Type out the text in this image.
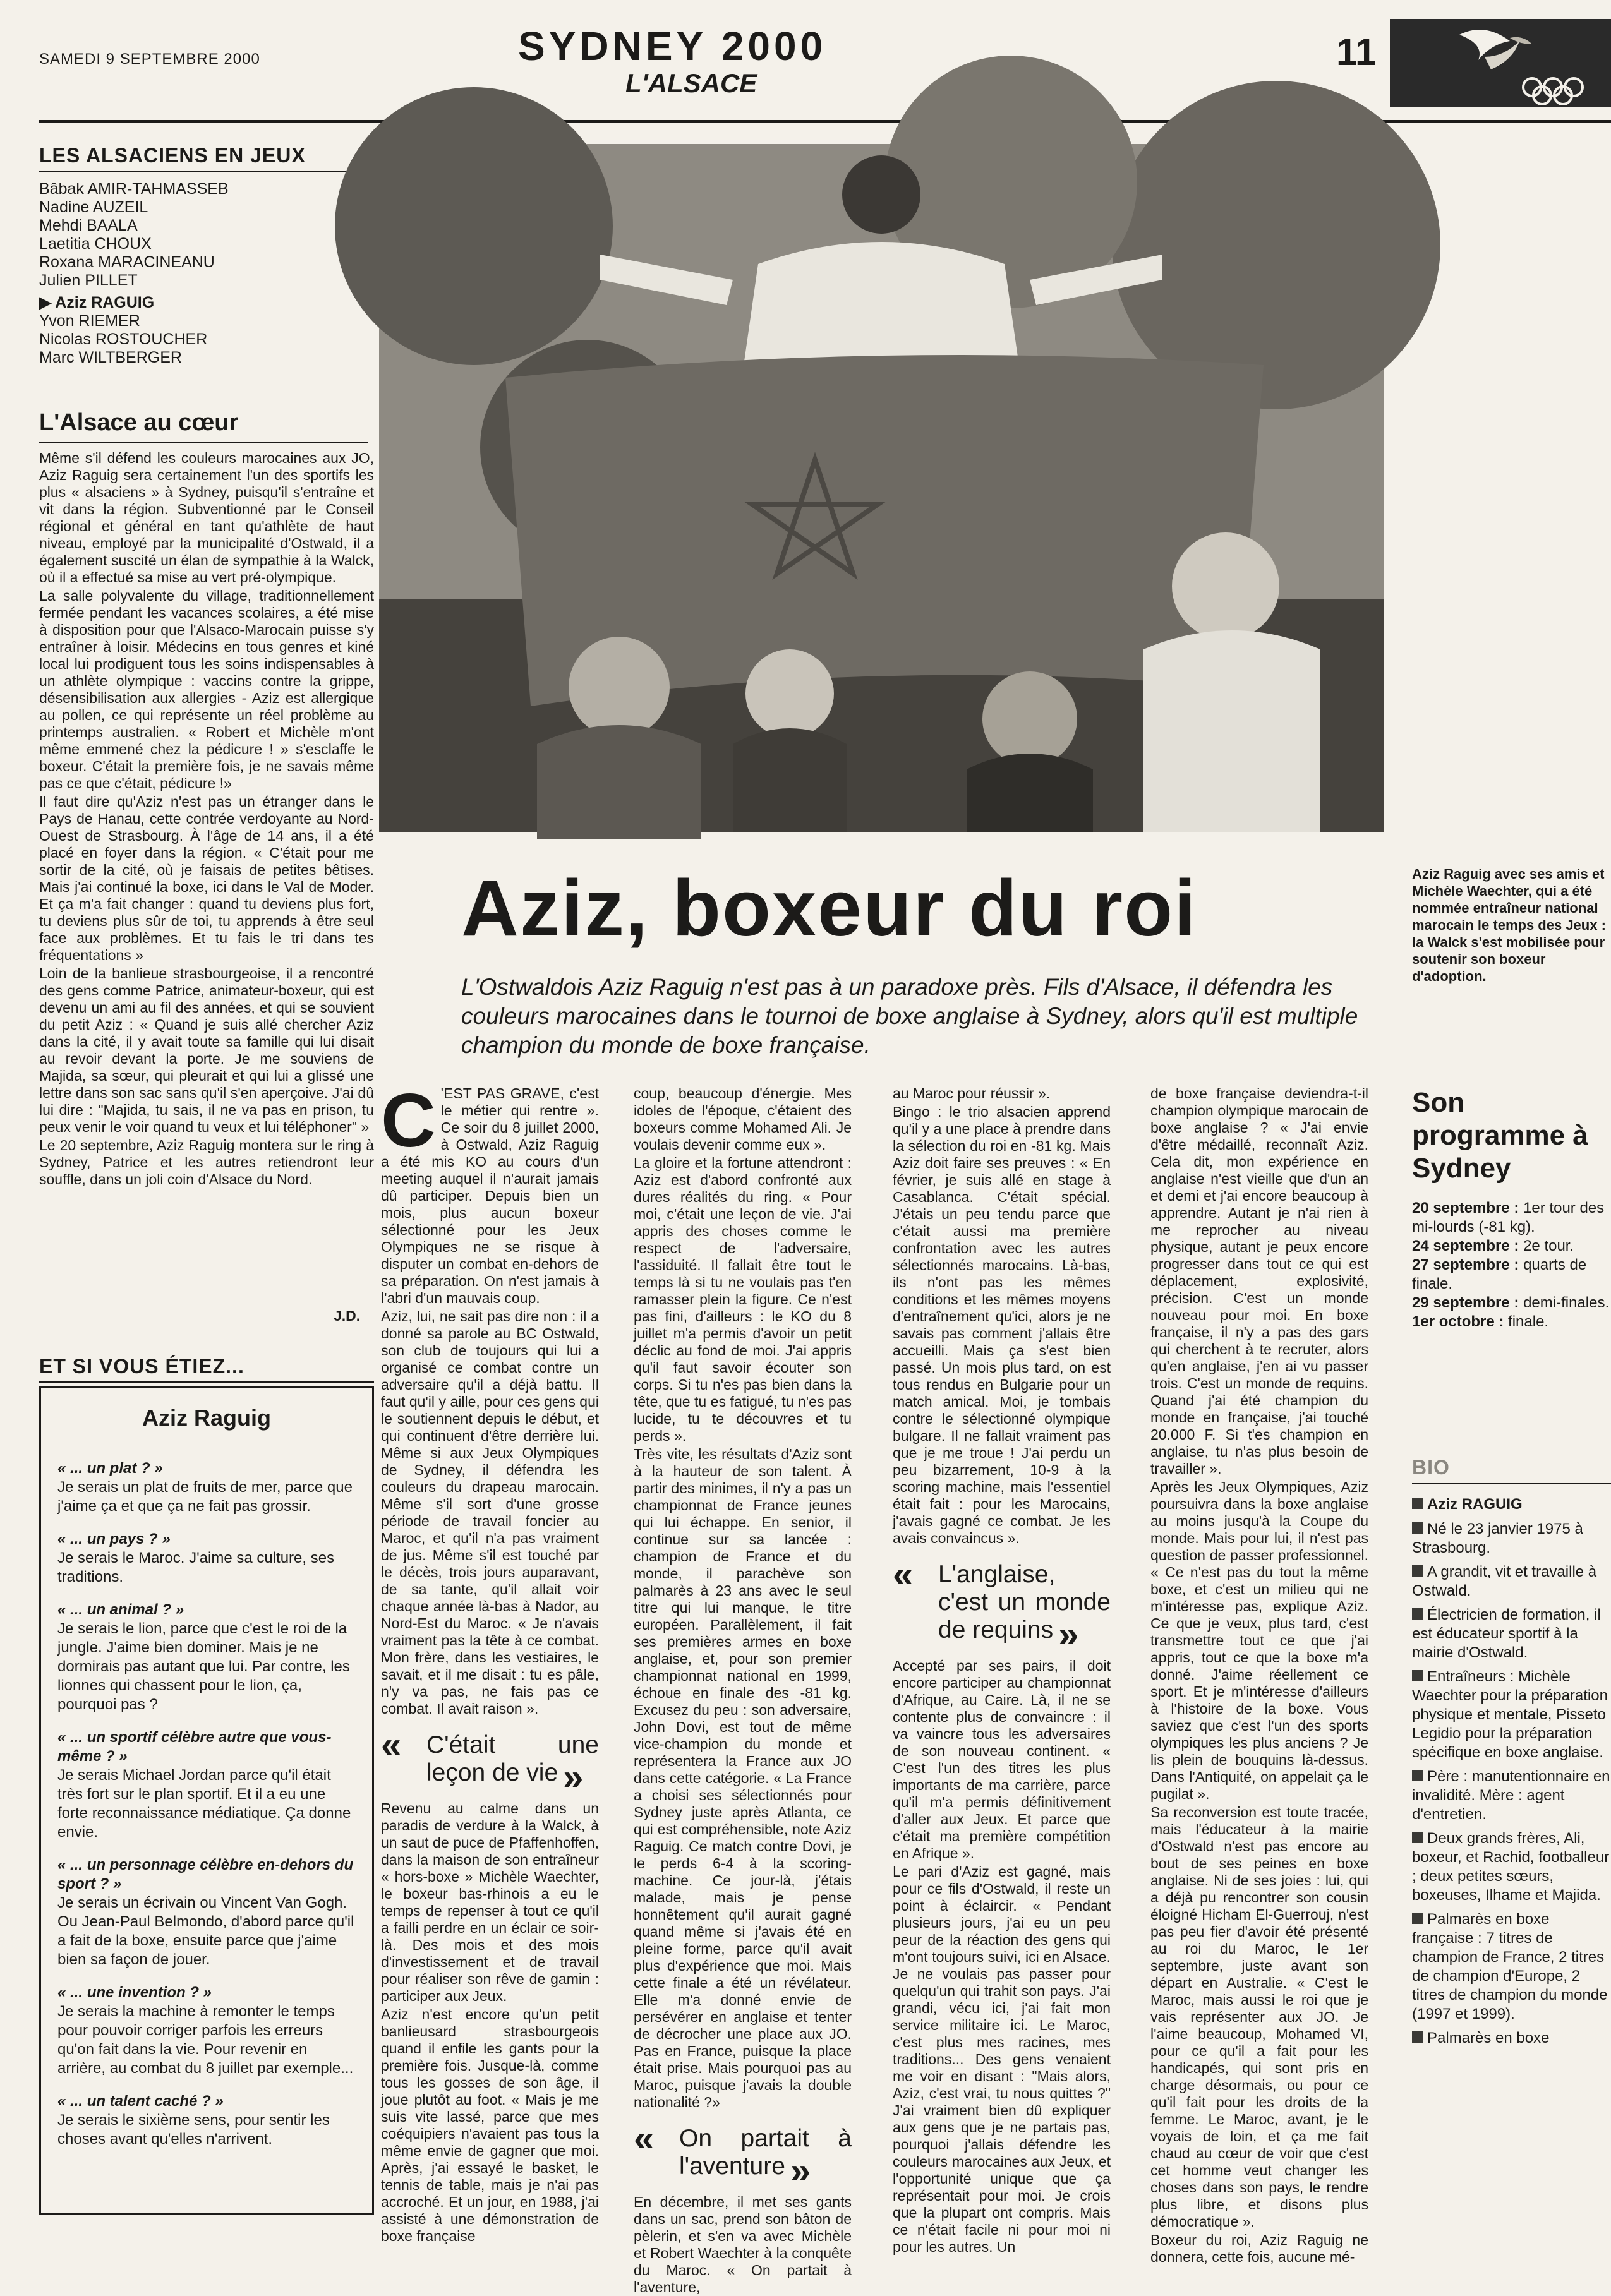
SAMEDI 9 SEPTEMBRE 2000	SYDNEY 2000
L'ALSACE
11
LES ALSACIENS EN JEUX
Bâbak AMIR-TAHMASSEB
Nadine AUZEIL
Mehdi BAALA
Laetitia CHOUX
Roxana MARACINEANU
Julien PILLET
▶ Aziz RAGUIG
Yvon RIEMER
Nicolas ROSTOUCHER
Marc WILTBERGER
L'Alsace au cœur

Même s'il défend les couleurs marocaines aux JO, Aziz Raguig sera certainement l'un des sportifs les plus « alsaciens » à Sydney, puisqu'il s'entraîne et vit dans la région. Subventionné par le Conseil régional et général en tant qu'athlète de haut niveau, employé par la municipalité d'Ostwald, il a également suscité un élan de sympathie à la Walck, où il a effectué sa mise au vert pré-olympique.

La salle polyvalente du village, traditionnellement fermée pendant les vacances scolaires, a été mise à disposition pour que l'Alsaco-Marocain puisse s'y entraîner à loisir. Médecins en tous genres et kiné local lui prodiguent tous les soins indispensables à un athlète olympique : vaccins contre la grippe, désensibilisation aux allergies - Aziz est allergique au pollen, ce qui représente un réel problème au printemps australien. « Robert et Michèle m'ont même emmené chez la pédicure ! » s'esclaffe le boxeur. C'était la première fois, je ne savais même pas ce que c'était, pédicure !»

Il faut dire qu'Aziz n'est pas un étranger dans le Pays de Hanau, cette contrée verdoyante au Nord-Ouest de Strasbourg. À l'âge de 14 ans, il a été placé en foyer dans la région. « C'était pour me sortir de la cité, où je faisais de petites bêtises. Mais j'ai continué la boxe, ici dans le Val de Moder. Et ça m'a fait changer : quand tu deviens plus fort, tu deviens plus sûr de toi, tu apprends à être seul face aux problèmes. Et tu fais le tri dans tes fréquentations »

Loin de la banlieue strasbourgeoise, il a rencontré des gens comme Patrice, animateur-boxeur, qui est devenu un ami au fil des années, et qui se souvient du petit Aziz : « Quand je suis allé chercher Aziz dans la cité, il y avait toute sa famille qui lui disait au revoir devant la porte. Je me souviens de Majida, sa sœur, qui pleurait et qui lui a glissé une lettre dans son sac sans qu'il s'en aperçoive. J'ai dû lui dire : "Majida, tu sais, il ne va pas en prison, tu peux venir le voir quand tu veux et lui téléphoner" »

Le 20 septembre, Aziz Raguig montera sur le ring à Sydney, Patrice et les autres retiendront leur souffle, dans un joli coin d'Alsace du Nord.

J.D.
ET SI VOUS ÉTIEZ...
Aziz Raguig
« ... un plat ? »
Je serais un plat de fruits de mer, parce que j'aime ça et que ça ne fait pas grossir.
« ... un pays ? »
Je serais le Maroc. J'aime sa culture, ses traditions.
« ... un animal ? »
Je serais le lion, parce que c'est le roi de la jungle. J'aime bien dominer. Mais je ne dormirais pas autant que lui. Par contre, les lionnes qui chassent pour le lion, ça, pourquoi pas ?
« ... un sportif célèbre autre que vous-même ? »
Je serais Michael Jordan parce qu'il était très fort sur le plan sportif. Et il a eu une forte reconnaissance médiatique. Ça donne envie.
« ... un personnage célèbre en-dehors du sport ? »
Je serais un écrivain ou Vincent Van Gogh. Ou Jean-Paul Belmondo, d'abord parce qu'il a fait de la boxe, ensuite parce que j'aime bien sa façon de jouer.
« ... une invention ? »
Je serais la machine à remonter le temps pour pouvoir corriger parfois les erreurs qu'on fait dans la vie. Pour revenir en arrière, au combat du 8 juillet par exemple...
« ... un talent caché ? »
Je serais le sixième sens, pour sentir les choses avant qu'elles n'arrivent.
Aziz Raguig avec ses amis et Michèle Waechter, qui a été nommée entraîneur national marocain le temps des Jeux : la Walck s'est mobilisée pour soutenir son boxeur d'adoption.
Aziz, boxeur du roi
L'Ostwaldois Aziz Raguig n'est pas à un paradoxe près. Fils d'Alsace, il défendra les couleurs marocaines dans le tournoi de boxe anglaise à Sydney, alors qu'il est multiple champion du monde de boxe française.

C 'EST PAS GRAVE, c'est le métier qui rentre ». Ce soir du 8 juillet 2000, à Ostwald, Aziz Raguig a été mis KO au cours d'un meeting auquel il n'aurait jamais dû participer. Depuis bien un mois, plus aucun boxeur sélectionné pour les Jeux Olympiques ne se risque à disputer un combat en-dehors de sa préparation. On n'est jamais à l'abri d'un mauvais coup.

Aziz, lui, ne sait pas dire non : il a donné sa parole au BC Ostwald, son club de toujours qui lui a organisé ce combat contre un adversaire qu'il a déjà battu. Il faut qu'il y aille, pour ces gens qui le soutiennent depuis le début, et qui continuent d'être derrière lui. Même si aux Jeux Olympiques de Sydney, il défendra les couleurs du drapeau marocain. Même s'il sort d'une grosse période de travail foncier au Maroc, et qu'il n'a pas vraiment de jus. Même s'il est touché par le décès, trois jours auparavant, de sa tante, qu'il allait voir chaque année là-bas à Nador, au Nord-Est du Maroc. « Je n'avais vraiment pas la tête à ce combat. Mon frère, dans les vestiaires, le savait, et il me disait : tu es pâle, n'y va pas, ne fais pas ce combat. Il avait raison ».

« C'était une leçon de vie »

Revenu au calme dans un paradis de verdure à la Walck, à un saut de puce de Pfaffenhoffen, dans la maison de son entraîneur « hors-boxe » Michèle Waechter, le boxeur bas-rhinois a eu le temps de repenser à tout ce qu'il a failli perdre en un éclair ce soir-là. Des mois et des mois d'investissement et de travail pour réaliser son rêve de gamin : participer aux Jeux.

Aziz n'est encore qu'un petit banlieusard strasbourgeois quand il enfile les gants pour la première fois. Jusque-là, comme tous les gosses de son âge, il joue plutôt au foot. « Mais je me suis vite lassé, parce que mes coéquipiers n'avaient pas tous la même envie de gagner que moi. Après, j'ai essayé le basket, le tennis de table, mais je n'ai pas accroché. Et un jour, en 1988, j'ai assisté à une démonstration de boxe française

coup, beaucoup d'énergie. Mes idoles de l'époque, c'étaient des boxeurs comme Mohamed Ali. Je voulais devenir comme eux ».

La gloire et la fortune attendront : Aziz est d'abord confronté aux dures réalités du ring. « Pour moi, c'était une leçon de vie. J'ai appris des choses comme le respect de l'adversaire, l'assiduité. Il fallait être tout le temps là si tu ne voulais pas t'en ramasser plein la figure. Ce n'est pas fini, d'ailleurs : le KO du 8 juillet m'a permis d'avoir un petit déclic au fond de moi. J'ai appris qu'il faut savoir écouter son corps. Si tu n'es pas bien dans la tête, que tu es fatigué, tu n'es pas lucide, tu te découvres et tu perds ».

Très vite, les résultats d'Aziz sont à la hauteur de son talent. À partir des minimes, il n'y a pas un championnat de France jeunes qui lui échappe. En senior, il continue sur sa lancée : champion de France et du monde, il parachève son palmarès à 23 ans avec le seul titre qui lui manque, le titre européen. Parallèlement, il fait ses premières armes en boxe anglaise, et, pour son premier championnat national en 1999, échoue en finale des -81 kg. Excusez du peu : son adversaire, John Dovi, est tout de même vice-champion du monde et représentera la France aux JO dans cette catégorie. « La France a choisi ses sélectionnés pour Sydney juste après Atlanta, ce qui est compréhensible, note Aziz Raguig. Ce match contre Dovi, je le perds 6-4 à la scoring-machine. Ce jour-là, j'étais malade, mais je pense honnêtement qu'il aurait gagné quand même si j'avais été en pleine forme, parce qu'il avait plus d'expérience que moi. Mais cette finale a été un révélateur. Elle m'a donné envie de persévérer en anglaise et tenter de décrocher une place aux JO. Pas en France, puisque la place était prise. Mais pourquoi pas au Maroc, puisque j'avais la double nationalité ?»

« On partait à l'aventure »

En décembre, il met ses gants dans un sac, prend son bâton de pèlerin, et s'en va avec Michèle et Robert Waechter à la conquête du Maroc. « On partait à l'aventure,

au Maroc pour réussir ».

Bingo : le trio alsacien apprend qu'il y a une place à prendre dans la sélection du roi en -81 kg. Mais Aziz doit faire ses preuves : « En février, je suis allé en stage à Casablanca. C'était spécial. J'étais un peu tendu parce que c'était aussi ma première confrontation avec les autres sélectionnés marocains. Là-bas, ils n'ont pas les mêmes conditions et les mêmes moyens d'entraînement qu'ici, alors je ne savais pas comment j'allais être accueilli. Mais ça s'est bien passé. Un mois plus tard, on est tous rendus en Bulgarie pour un match amical. Moi, je tombais contre le sélectionné olympique bulgare. Il ne fallait vraiment pas que je me troue ! J'ai perdu un peu bizarrement, 10-9 à la scoring machine, mais l'essentiel était fait : pour les Marocains, j'avais gagné ce combat. Je les avais convaincus ».

« L'anglaise, c'est un monde de requins »

Accepté par ses pairs, il doit encore participer au championnat d'Afrique, au Caire. Là, il ne se contente plus de convaincre : il va vaincre tous les adversaires de son nouveau continent. « C'est l'un des titres les plus importants de ma carrière, parce qu'il m'a permis définitivement d'aller aux Jeux. Et parce que c'était ma première compétition en Afrique ».

Le pari d'Aziz est gagné, mais pour ce fils d'Ostwald, il reste un point à éclaircir. « Pendant plusieurs jours, j'ai eu un peu peur de la réaction des gens qui m'ont toujours suivi, ici en Alsace. Je ne voulais pas passer pour quelqu'un qui trahit son pays. J'ai grandi, vécu ici, j'ai fait mon service militaire ici. Le Maroc, c'est plus mes racines, mes traditions... Des gens venaient me voir en disant : "Mais alors, Aziz, c'est vrai, tu nous quittes ?" J'ai vraiment bien dû expliquer aux gens que je ne partais pas, pourquoi j'allais défendre les couleurs marocaines aux Jeux, et l'opportunité unique que ça représentait pour moi. Je crois que la plupart ont compris. Mais ce n'était facile ni pour moi ni pour les autres. Un

de boxe française deviendra-t-il champion olympique marocain de boxe anglaise ? « J'ai envie d'être médaillé, reconnaît Aziz. Cela dit, mon expérience en anglaise n'est vieille que d'un an et demi et j'ai encore beaucoup à apprendre. Autant je n'ai rien à me reprocher au niveau physique, autant je peux encore progresser dans tout ce qui est déplacement, explosivité, précision. C'est un monde nouveau pour moi. En boxe française, il n'y a pas des gars qui cherchent à te recruter, alors qu'en anglaise, j'en ai vu passer trois. C'est un monde de requins. Quand j'ai été champion du monde en française, j'ai touché 20.000 F. Si t'es champion en anglaise, tu n'as plus besoin de travailler ».

Après les Jeux Olympiques, Aziz poursuivra dans la boxe anglaise au moins jusqu'à la Coupe du monde. Mais pour lui, il n'est pas question de passer professionnel. « Ce n'est pas du tout la même boxe, et c'est un milieu qui ne m'intéresse pas, explique Aziz. Ce que je veux, plus tard, c'est transmettre tout ce que j'ai appris, tout ce que la boxe m'a donné. J'aime réellement ce sport. Et je m'intéresse d'ailleurs à l'histoire de la boxe. Vous saviez que c'est l'un des sports olympiques les plus anciens ? Je lis plein de bouquins là-dessus. Dans l'Antiquité, on appelait ça le pugilat ».

Sa reconversion est toute tracée, mais l'éducateur à la mairie d'Ostwald n'est pas encore au bout de ses peines en boxe anglaise. Ni de ses joies : lui, qui a déjà pu rencontrer son cousin éloigné Hicham El-Guerrouj, n'est pas peu fier d'avoir été présenté au roi du Maroc, le 1er septembre, juste avant son départ en Australie. « C'est le Maroc, mais aussi le roi que je vais représenter aux JO. Je l'aime beaucoup, Mohamed VI, pour ce qu'il a fait pour les handicapés, qui sont pris en charge désormais, ou pour ce qu'il fait pour les droits de la femme. Le Maroc, avant, je le voyais de loin, et ça me fait chaud au cœur de voir que c'est cet homme veut changer les choses dans son pays, le rendre plus libre, et disons plus démocratique ».

Boxeur du roi, Aziz Raguig ne donnera, cette fois, aucune mé-

Son programme à Sydney
20 septembre : 1er tour des mi-lourds (-81 kg).
24 septembre : 2e tour.
27 septembre : quarts de finale.
29 septembre : demi-finales.
1er octobre : finale.
BIO
Aziz RAGUIG
Né le 23 janvier 1975 à Strasbourg.
A grandit, vit et travaille à Ostwald.
Électricien de formation, il est éducateur sportif à la mairie d'Ostwald.
Entraîneurs : Michèle Waechter pour la préparation physique et mentale, Pisseto Legidio pour la préparation spécifique en boxe anglaise.
Père : manutentionnaire en invalidité. Mère : agent d'entretien.
Deux grands frères, Ali, boxeur, et Rachid, footballeur ; deux petites sœurs, boxeuses, Ilhame et Majida.
Palmarès en boxe française : 7 titres de champion de France, 2 titres de champion d'Europe, 2 titres de champion du monde (1997 et 1999).
Palmarès en boxe
